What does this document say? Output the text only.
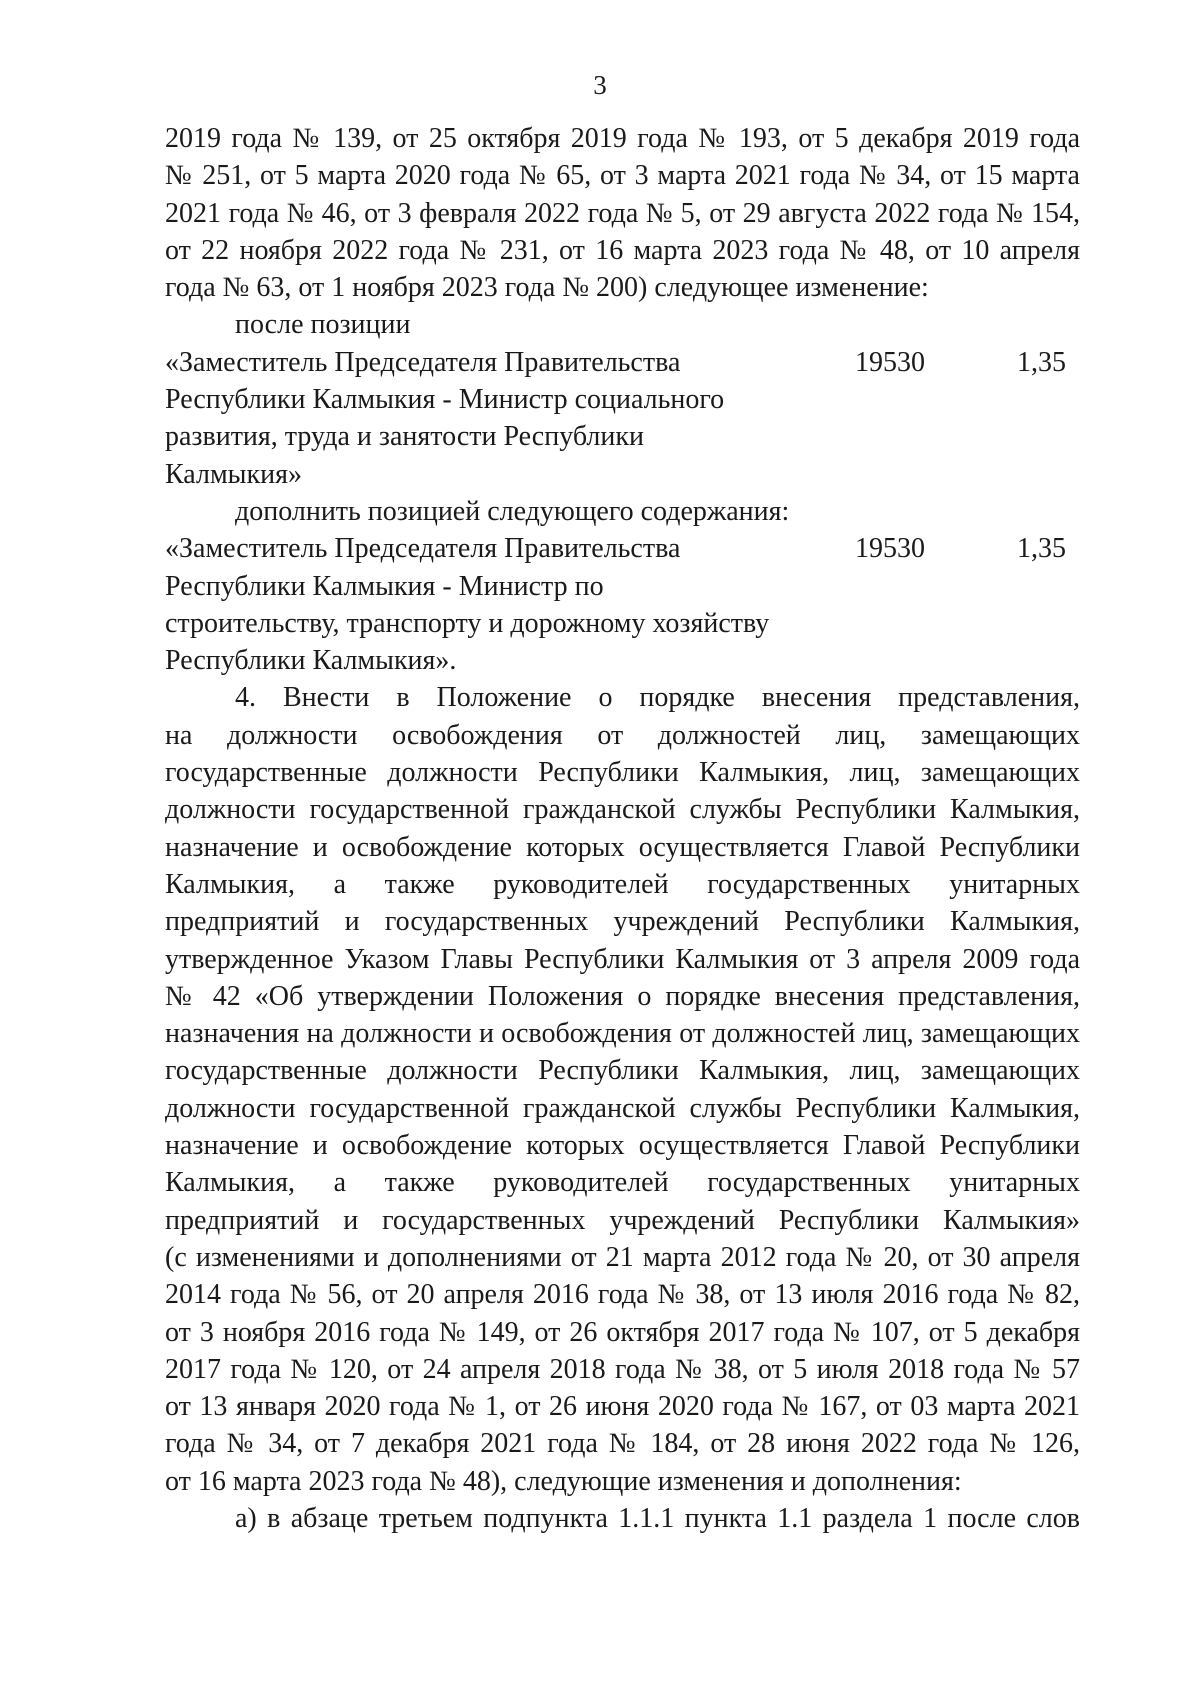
3
2019 года № 139, от 25 октября 2019 года № 193, от 5 декабря 2019 года
№ 251, от 5 марта 2020 года № 65, от 3 марта 2021 года № 34, от 15 марта
2021 года № 46, от 3 февраля 2022 года № 5, от 29 августа 2022 года № 154,
от 22 ноября 2022 года № 231, от 16 марта 2023 года № 48, от 10 апреля
года № 63, от 1 ноября 2023 года № 200) следующее изменение:
после позиции
«Заместитель Председателя Правительства	19530	1,35
Республики Калмыкия - Министр социального
развития, труда и занятости Республики
Калмыкия»
дополнить позицией следующего содержания:
«Заместитель Председателя Правительства	19530	1,35
Республики Калмыкия - Министр по
строительству, транспорту и дорожному хозяйству
Республики Калмыкия».
4. Внести в Положение о порядке внесения представления,
на должности освобождения от должностей лиц, замещающих
государственные должности Республики Калмыкия, лиц, замещающих
должности государственной гражданской службы Республики Калмыкия,
назначение и освобождение которых осуществляется Главой Республики
Калмыкия, а также руководителей государственных унитарных
предприятий и государственных учреждений Республики Калмыкия,
утвержденное Указом Главы Республики Калмыкия от 3 апреля 2009 года
№ 42 «Об утверждении Положения о порядке внесения представления,
назначения на должности и освобождения от должностей лиц, замещающих
государственные должности Республики Калмыкия, лиц, замещающих
должности государственной гражданской службы Республики Калмыкия,
назначение и освобождение которых осуществляется Главой Республики
Калмыкия, а также руководителей государственных унитарных
предприятий и государственных учреждений Республики Калмыкия»
(с изменениями и дополнениями от 21 марта 2012 года № 20, от 30 апреля
2014 года № 56, от 20 апреля 2016 года № 38, от 13 июля 2016 года № 82,
от 3 ноября 2016 года № 149, от 26 октября 2017 года № 107, от 5 декабря
2017 года № 120, от 24 апреля 2018 года № 38, от 5 июля 2018 года № 57
от 13 января 2020 года № 1, от 26 июня 2020 года № 167, от 03 марта 2021
года № 34, от 7 декабря 2021 года № 184, от 28 июня 2022 года № 126,
от 16 марта 2023 года № 48), следующие изменения и дополнения:
а) в абзаце третьем подпункта 1.1.1 пункта 1.1 раздела 1 после слов
